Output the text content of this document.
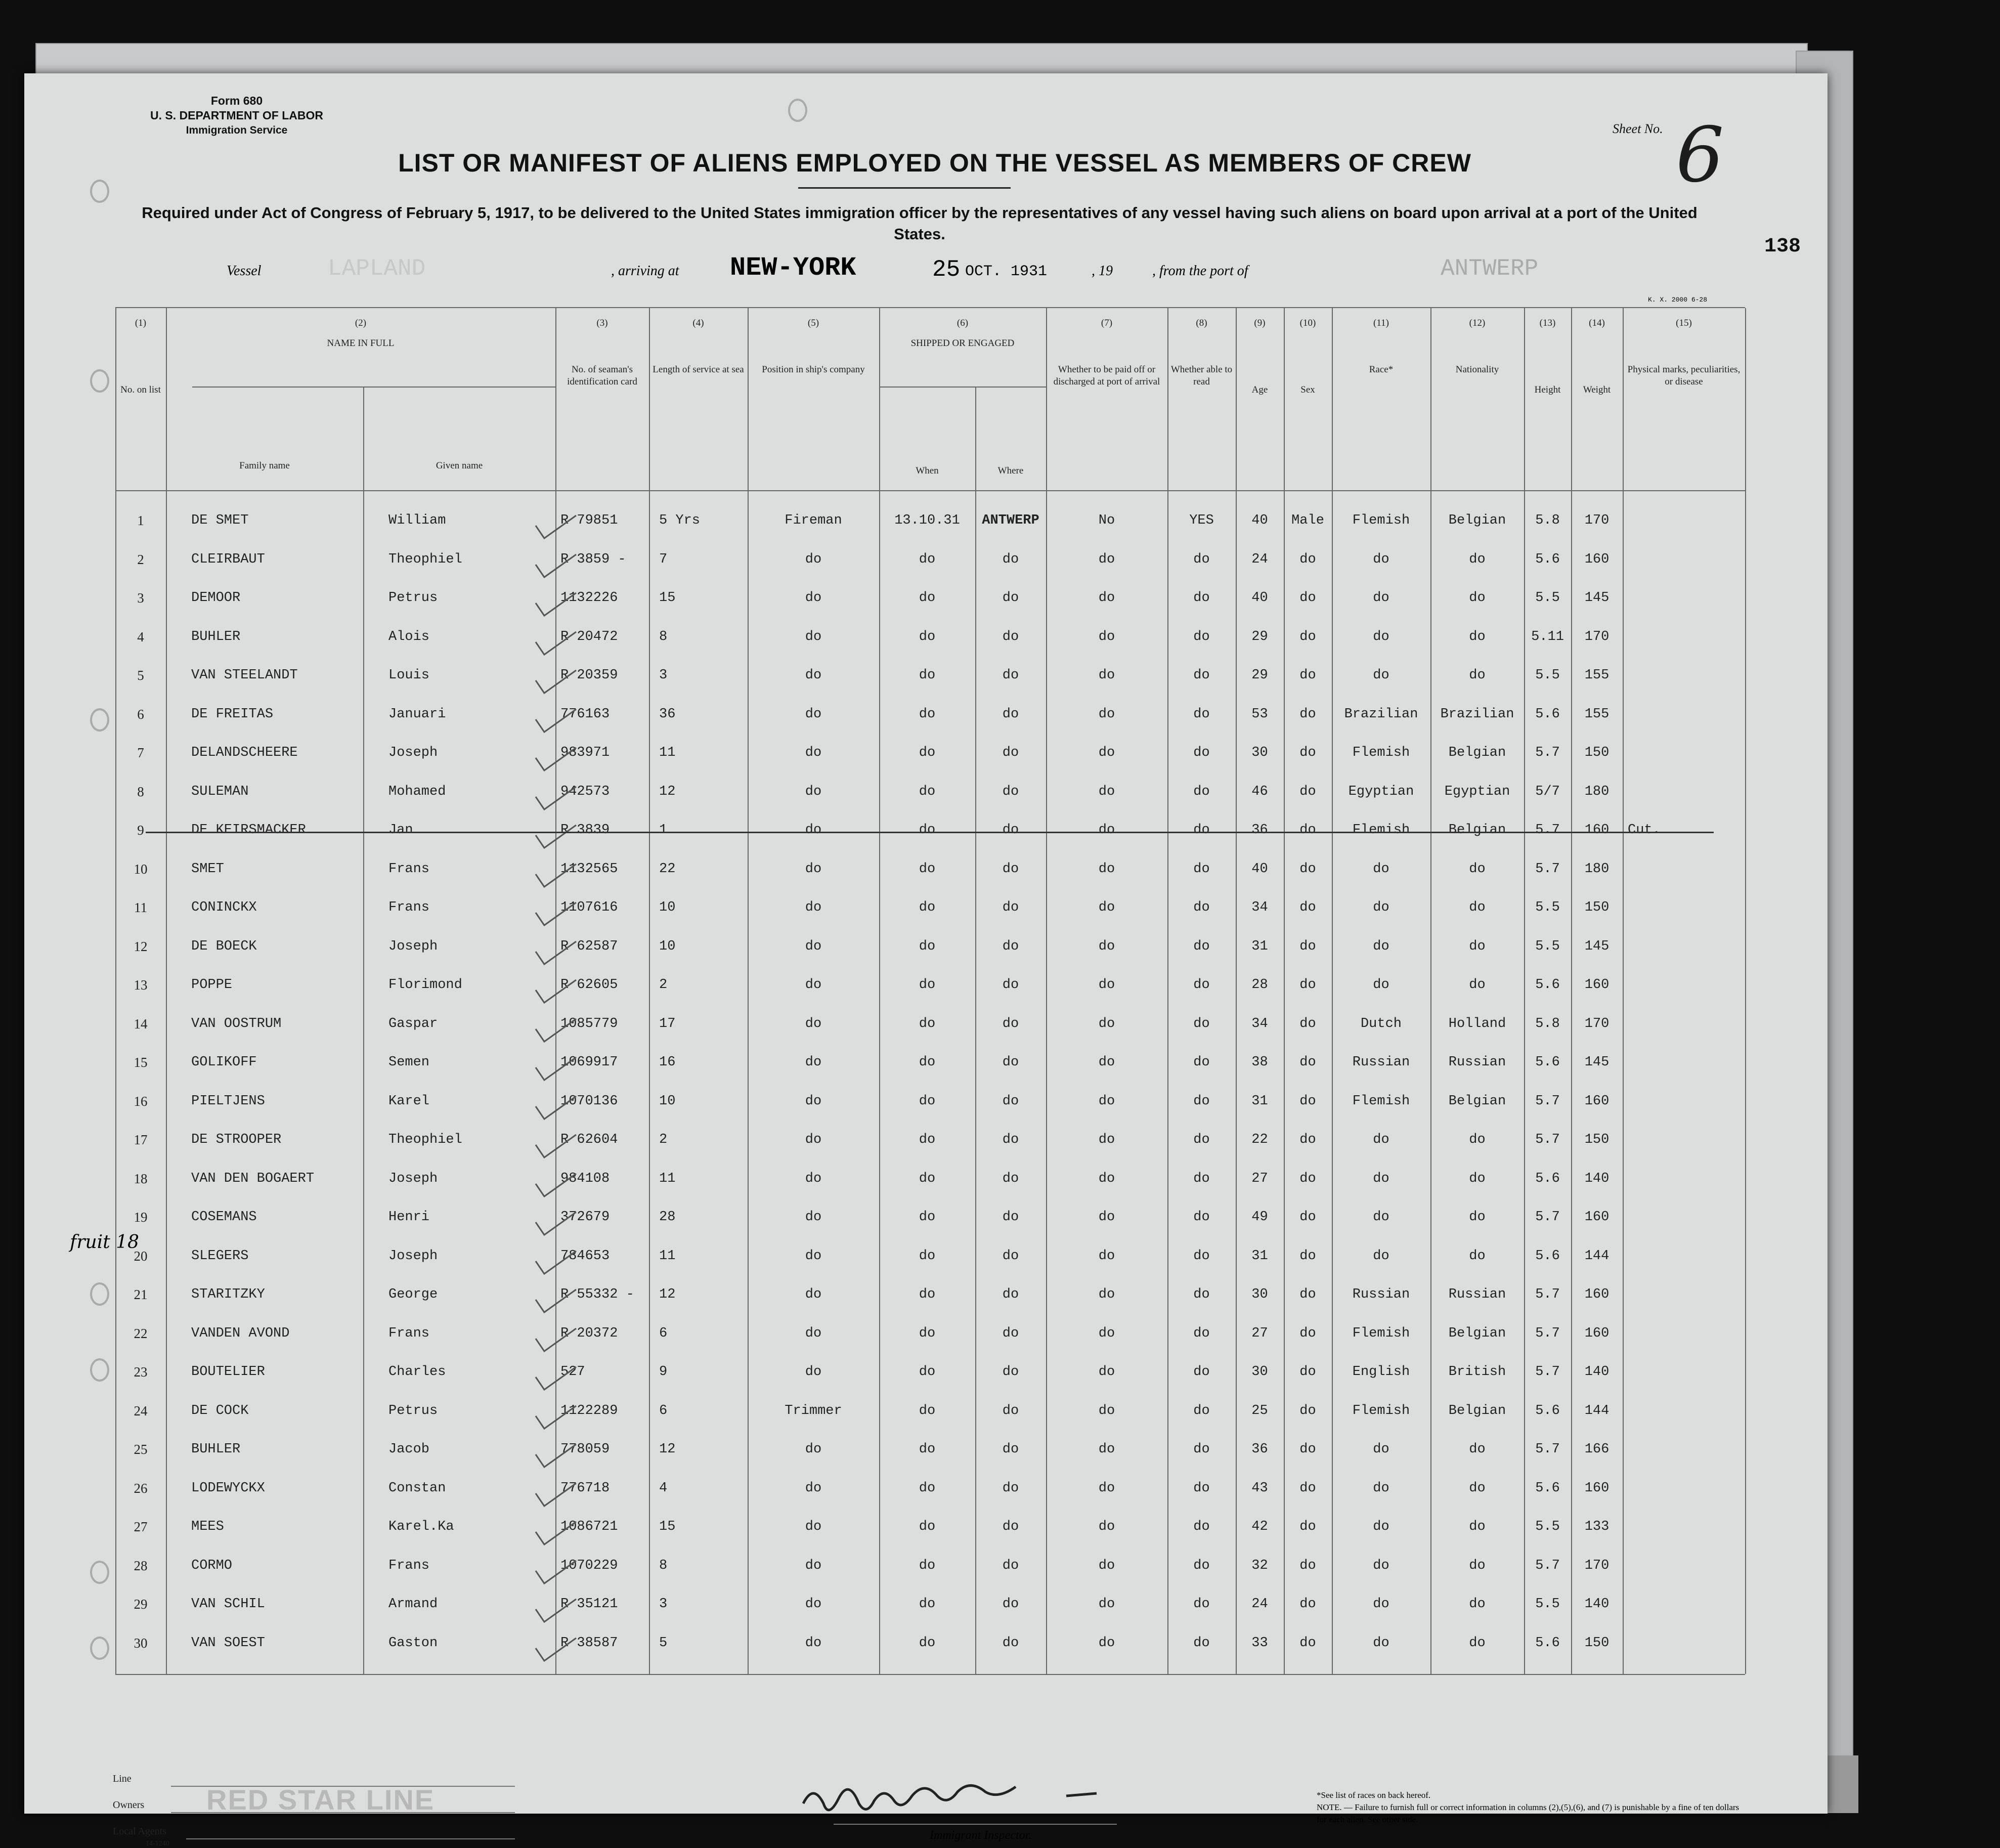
Form 680
U. S. DEPARTMENT OF LABOR
Immigration Service	Sheet No. 6
LIST OR MANIFEST OF ALIENS EMPLOYED ON THE VESSEL AS MEMBERS OF CREW
Required under Act of Congress of February 5, 1917, to be delivered to the United States immigration officer by the representatives of any vessel having such aliens on board upon arrival at a port of the United States.
138
Vessel	LAPLAND	, arriving at NEW-YORK	25 OCT. 1931	, 19	, from the port of	ANTWERP
K. X. 2000 6-28
(1)
No. on list
(2)
NAME IN FULL
Family name	Given name
(3)
No. of seaman's identification card
(4)
Length of service at sea
(5)
Position in ship's company
(6)
SHIPPED OR ENGAGED
When	Where
(7)
Whether to be paid off or discharged at port of arrival
(8)
Whether able to read
(9)
Age
(10)
Sex
(11)
Race*
(12)
Nationality
(13)
Height
(14)
Weight
(15)
Physical marks, peculiarities, or disease
1	DE SMET	William	R 79851	5 Yrs	Fireman	13.10.31	ANTWERP	No	YES	40	Male	Flemish	Belgian	5.8	170
2	CLEIRBAUT	Theophiel	R 3859 -	7	do	do	do	do	do	24	do	do	do	5.6	160
3	DEMOOR	Petrus	1132226	15	do	do	do	do	do	40	do	do	do	5.5	145
4	BUHLER	Alois	R 20472	8	do	do	do	do	do	29	do	do	do	5.11	170
5	VAN STEELANDT	Louis	R 20359	3	do	do	do	do	do	29	do	do	do	5.5	155
6	DE FREITAS	Januari	776163	36	do	do	do	do	do	53	do	Brazilian	Brazilian	5.6	155
7	DELANDSCHEERE	Joseph	983971	11	do	do	do	do	do	30	do	Flemish	Belgian	5.7	150
8	SULEMAN	Mohamed	942573	12	do	do	do	do	do	46	do	Egyptian	Egyptian	5/7	180
9	DE KEIRSMACKER	Jan	R 3839	1	do	do	do	do	do	36	do	Flemish	Belgian	5.7	160	Cut.
10	SMET	Frans	1132565	22	do	do	do	do	do	40	do	do	do	5.7	180
11	CONINCKX	Frans	1107616	10	do	do	do	do	do	34	do	do	do	5.5	150
12	DE BOECK	Joseph	R 62587	10	do	do	do	do	do	31	do	do	do	5.5	145
13	POPPE	Florimond	R 62605	2	do	do	do	do	do	28	do	do	do	5.6	160
14	VAN OOSTRUM	Gaspar	1085779	17	do	do	do	do	do	34	do	Dutch	Holland	5.8	170
15	GOLIKOFF	Semen	1069917	16	do	do	do	do	do	38	do	Russian	Russian	5.6	145
16	PIELTJENS	Karel	1070136	10	do	do	do	do	do	31	do	Flemish	Belgian	5.7	160
17	DE STROOPER	Theophiel	R 62604	2	do	do	do	do	do	22	do	do	do	5.7	150
18	VAN DEN BOGAERT	Joseph	984108	11	do	do	do	do	do	27	do	do	do	5.6	140
19	COSEMANS	Henri	372679	28	do	do	do	do	do	49	do	do	do	5.7	160
20	SLEGERS	Joseph	784653	11	do	do	do	do	do	31	do	do	do	5.6	144
21	STARITZKY	George	R 55332 -	12	do	do	do	do	do	30	do	Russian	Russian	5.7	160
22	VANDEN AVOND	Frans	R 20372	6	do	do	do	do	do	27	do	Flemish	Belgian	5.7	160
23	BOUTELIER	Charles	527	9	do	do	do	do	do	30	do	English	British	5.7	140
24	DE COCK	Petrus	1122289	6	Trimmer	do	do	do	do	25	do	Flemish	Belgian	5.6	144
25	BUHLER	Jacob	778059	12	do	do	do	do	do	36	do	do	do	5.7	166
26	LODEWYCKX	Constan	776718	4	do	do	do	do	do	43	do	do	do	5.6	160
27	MEES	Karel.Ka	1086721	15	do	do	do	do	do	42	do	do	do	5.5	133
28	CORMO	Frans	1070229	8	do	do	do	do	do	32	do	do	do	5.7	170
29	VAN SCHIL	Armand	R 35121	3	do	do	do	do	do	24	do	do	do	5.5	140
30	VAN SOEST	Gaston	R 38587	5	do	do	do	do	do	33	do	do	do	5.6	150
fruit 18
Line
Owners
Local Agents
14-1240
RED STAR LINE
Immigrant Inspector.
*See list of races on back hereof.
NOTE. — Failure to furnish full or correct information in columns (2),(5),(6), and (7) is punishable by a fine of ten dollars for each alien. See other side.
